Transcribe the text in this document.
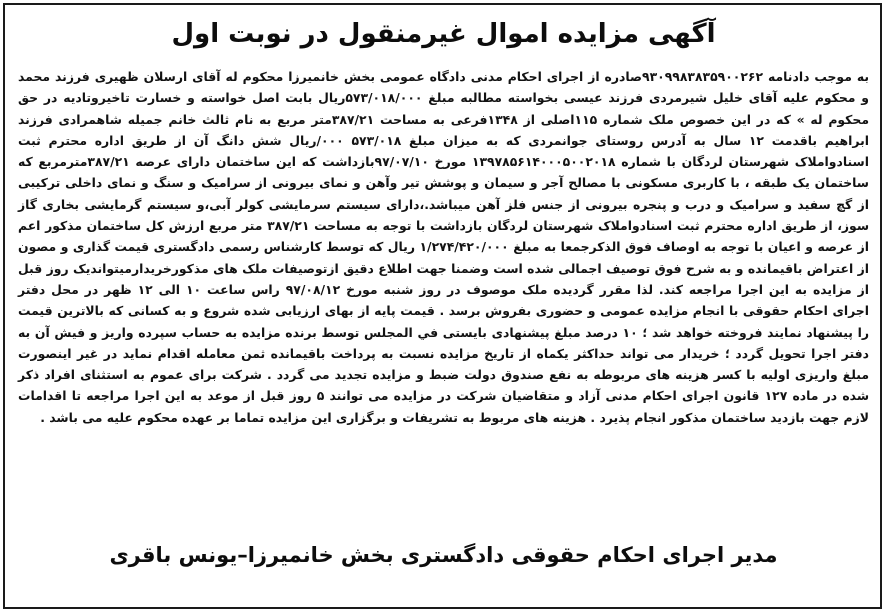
آگهی مزایده اموال غیرمنقول در نوبت اول
به موجب دادنامه ۹۳۰۹۹۸۳۸۳۵۹۰۰۲۶۲صادره از اجرای احکام مدنی دادگاه عمومی بخش خانمیرزا محکوم له آقای ارسلان ظهیری فرزند محمد و محکوم علیه آقای خلیل شیرمردی فرزند عیسی بخواسته مطالبه مبلغ ۵۷۳/۰۱۸/۰۰۰ریال بابت اصل خواسته و خسارت تاخیروتادیه در حق محکوم له » که در این خصوص ملک شماره ۱۱۵اصلی از ۱۳۴۸فرعی به مساحت ۳۸۷/۲۱متر مربع به نام ثالث خانم جمیله شاهمرادی فرزند ابراهیم باقدمت ۱۲ سال به آدرس روستای جوانمردی که به میزان مبلغ ۵۷۳/۰۱۸ ۰۰۰/ریال شش دانگ آن از طریق اداره محترم ثبت اسنادواملاک شهرستان لردگان با شماره ۱۳۹۷۸۵۶۱۴۰۰۰۵۰۰۲۰۱۸ مورخ ۹۷/۰۷/۱۰بازداشت که این ساختمان دارای عرصه ۳۸۷/۲۱مترمربع که ساختمان یک طبقه ، با کاربری مسکونی با مصالح آجر و سیمان و پوشش تیر وآهن و نمای بیرونی از سرامیک و سنگ و نمای داخلی ترکیبی از گچ سفید و سرامیک و درب و پنجره بیرونی از جنس فلز آهن میباشد.،دارای سیستم سرمایشی کولر آبی،و سیستم گرمایشی بخاری گاز سوز، از طریق اداره محترم ثبت اسنادواملاک شهرستان لردگان بازداشت با توجه به مساحت ۳۸۷/۲۱ متر مربع ارزش کل ساختمان مذکور اعم از عرصه و اعیان با توجه به اوصاف فوق الذکرجمعا به مبلغ ۱/۲۷۴/۴۲۰/۰۰۰ ریال که توسط کارشناس رسمی دادگستری قیمت گذاری و مصون از اعتراض باقیمانده و به شرح فوق توصیف اجمالی شده است وضمنا جهت اطلاع دقیق ازتوصیفات ملک های مذکورخریدارمیتواندیک روز قبل از مزایده به این اجرا مراجعه کند. لذا مقرر گردیده ملک موصوف در روز شنبه مورخ ۹۷/۰۸/۱۲ راس ساعت ۱۰ الی ۱۲ ظهر در محل دفتر اجرای احکام حقوقی با انجام مزایده عمومی و حضوری بفروش برسد . قیمت پایه از بهای ارزیابی شده شروع و به کسانی که بالاترین قیمت را پیشنهاد نمایند فروخته خواهد شد ؛ ۱۰ درصد مبلغ پیشنهادی بایستی في المجلس توسط برنده مزایده به حساب سپرده واریز و فیش آن به دفتر اجرا تحویل گردد ؛ خریدار می تواند حداکثر یکماه از تاریخ مزایده نسبت به پرداخت باقیمانده ثمن معامله اقدام نماید در غیر اینصورت مبلغ واریزی اولیه با کسر هزینه های مربوطه به نفع صندوق دولت ضبط و مزایده تجدید می گردد . شرکت برای عموم به استثنای افراد ذکر شده در ماده ۱۲۷ قانون اجرای احکام مدنی آزاد و متقاضیان شرکت در مزایده می توانند ۵ روز قبل از موعد به این اجرا مراجعه تا اقدامات لازم جهت بازدید ساختمان مذکور انجام پذیرد . هزینه های مربوط به تشریفات و برگزاری این مزایده تماما بر عهده محکوم علیه می باشد .
مدیر اجرای احکام حقوقی دادگستری بخش خانمیرزا–یونس باقری
